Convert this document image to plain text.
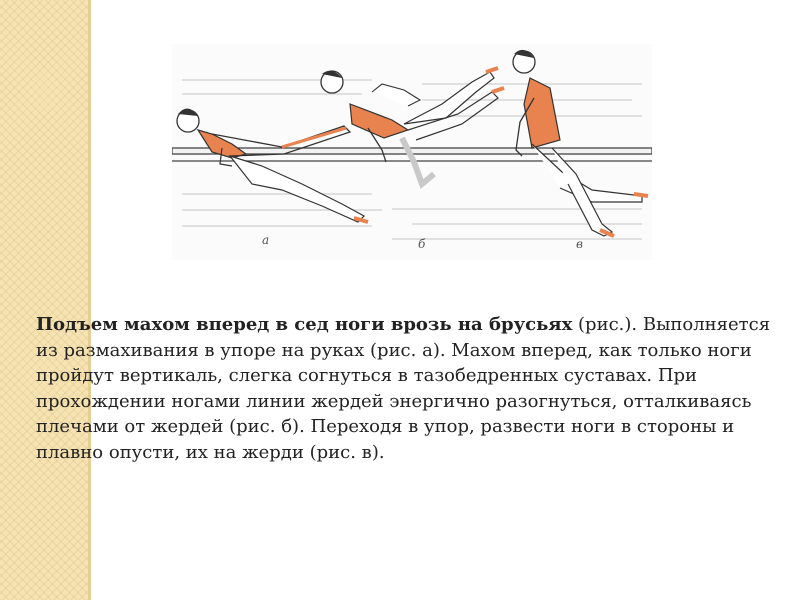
а	б	в
Подъем махом вперед в сед ноги врозь на брусьях (рис.). Выполняется из размахивания в упоре на руках (рис. а). Махом вперед, как только ноги пройдут вертикаль, слегка согнуться в тазобедренных суставах. При прохождении ногами линии жердей энергично разогнуться, отталкиваясь плечами от жердей (рис. б). Переходя в упор, развести ноги в стороны и плавно опусти, их на жерди (рис. в).
